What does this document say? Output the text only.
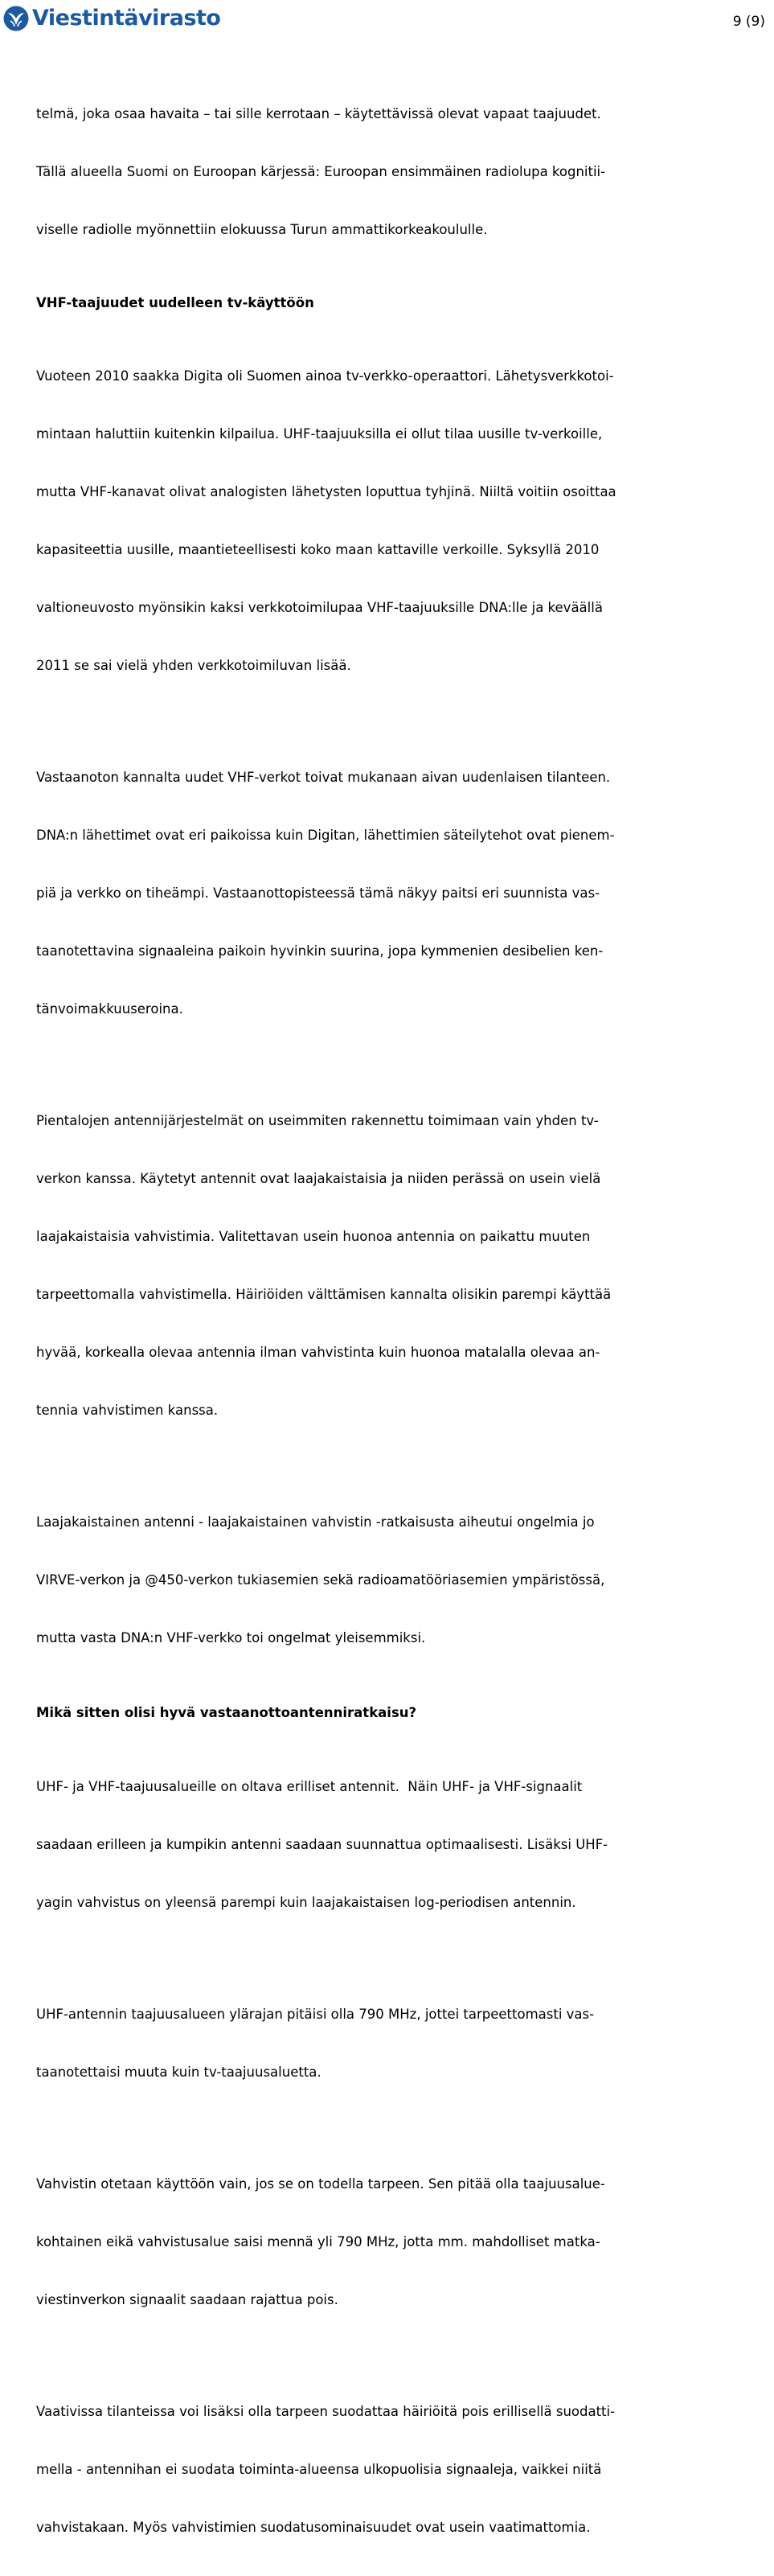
Viestintävirasto	9 (9)

telmä, joka osaa havaita – tai sille kerrotaan – käytettävissä olevat vapaat taajuudet.

Tällä alueella Suomi on Euroopan kärjessä: Euroopan ensimmäinen radiolupa kognitii-

viselle radiolle myönnettiin elokuussa Turun ammattikorkeakoululle.

VHF-taajuudet uudelleen tv-käyttöön

Vuoteen 2010 saakka Digita oli Suomen ainoa tv-verkko-operaattori. Lähetysverkkotoi-

mintaan haluttiin kuitenkin kilpailua. UHF-taajuuksilla ei ollut tilaa uusille tv-verkoille,

mutta VHF-kanavat olivat analogisten lähetysten loputtua tyhjinä. Niiltä voitiin osoittaa

kapasiteettia uusille, maantieteellisesti koko maan kattaville verkoille. Syksyllä 2010

valtioneuvosto myönsikin kaksi verkkotoimilupaa VHF-taajuuksille DNA:lle ja keväällä

2011 se sai vielä yhden verkkotoimiluvan lisää.

Vastaanoton kannalta uudet VHF-verkot toivat mukanaan aivan uudenlaisen tilanteen.

DNA:n lähettimet ovat eri paikoissa kuin Digitan, lähettimien säteilytehot ovat pienem-

piä ja verkko on tiheämpi. Vastaanottopisteessä tämä näkyy paitsi eri suunnista vas-

taanotettavina signaaleina paikoin hyvinkin suurina, jopa kymmenien desibelien ken-

tänvoimakkuuseroina.

Pientalojen antennijärjestelmät on useimmiten rakennettu toimimaan vain yhden tv-

verkon kanssa. Käytetyt antennit ovat laajakaistaisia ja niiden perässä on usein vielä

laajakaistaisia vahvistimia. Valitettavan usein huonoa antennia on paikattu muuten

tarpeettomalla vahvistimella. Häiriöiden välttämisen kannalta olisikin parempi käyttää

hyvää, korkealla olevaa antennia ilman vahvistinta kuin huonoa matalalla olevaa an-

tennia vahvistimen kanssa.

Laajakaistainen antenni - laajakaistainen vahvistin -ratkaisusta aiheutui ongelmia jo

VIRVE-verkon ja @450-verkon tukiasemien sekä radioamatööriasemien ympäristössä,

mutta vasta DNA:n VHF-verkko toi ongelmat yleisemmiksi.

Mikä sitten olisi hyvä vastaanottoantenniratkaisu?

UHF- ja VHF-taajuusalueille on oltava erilliset antennit.  Näin UHF- ja VHF-signaalit

saadaan erilleen ja kumpikin antenni saadaan suunnattua optimaalisesti. Lisäksi UHF-

yagin vahvistus on yleensä parempi kuin laajakaistaisen log-periodisen antennin.

UHF-antennin taajuusalueen ylärajan pitäisi olla 790 MHz, jottei tarpeettomasti vas-

taanotettaisi muuta kuin tv-taajuusaluetta.

Vahvistin otetaan käyttöön vain, jos se on todella tarpeen. Sen pitää olla taajuusalue-

kohtainen eikä vahvistusalue saisi mennä yli 790 MHz, jotta mm. mahdolliset matka-

viestinverkon signaalit saadaan rajattua pois.

Vaativissa tilanteissa voi lisäksi olla tarpeen suodattaa häiriöitä pois erillisellä suodatti-

mella - antennihan ei suodata toiminta-alueensa ulkopuolisia signaaleja, vaikkei niitä

vahvistakaan. Myös vahvistimien suodatusominaisuudet ovat usein vaatimattomia.
